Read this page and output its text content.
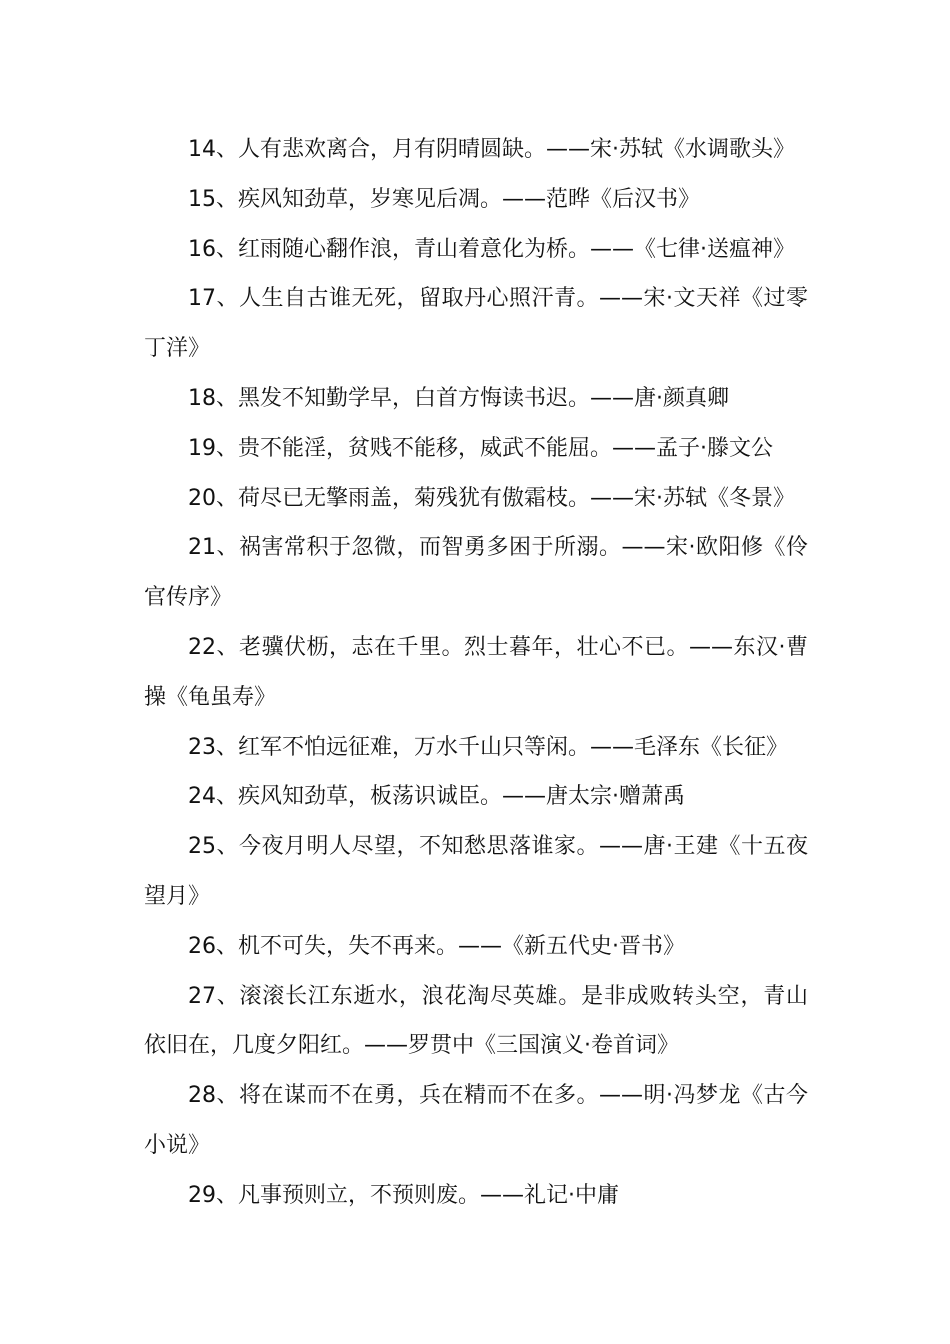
14、人有悲欢离合，月有阴晴圆缺。——宋·苏轼《水调歌头》

15、疾风知劲草，岁寒见后凋。——范晔《后汉书》

16、红雨随心翻作浪，青山着意化为桥。——《七律·送瘟神》

17、人生自古谁无死，留取丹心照汗青。——宋·文天祥《过零丁洋》

18、黑发不知勤学早，白首方悔读书迟。——唐·颜真卿

19、贵不能淫，贫贱不能移，威武不能屈。——孟子·滕文公

20、荷尽已无擎雨盖，菊残犹有傲霜枝。——宋·苏轼《冬景》

21、祸害常积于忽微，而智勇多困于所溺。——宋·欧阳修《伶官传序》

22、老骥伏枥，志在千里。烈士暮年，壮心不已。——东汉·曹操《龟虽寿》

23、红军不怕远征难，万水千山只等闲。——毛泽东《长征》

24、疾风知劲草，板荡识诚臣。——唐太宗·赠萧禹

25、今夜月明人尽望，不知愁思落谁家。——唐·王建《十五夜望月》

26、机不可失，失不再来。——《新五代史·晋书》

27、滚滚长江东逝水，浪花淘尽英雄。是非成败转头空，青山依旧在，几度夕阳红。——罗贯中《三国演义·卷首词》

28、将在谋而不在勇，兵在精而不在多。——明·冯梦龙《古今小说》

29、凡事预则立，不预则废。——礼记·中庸
